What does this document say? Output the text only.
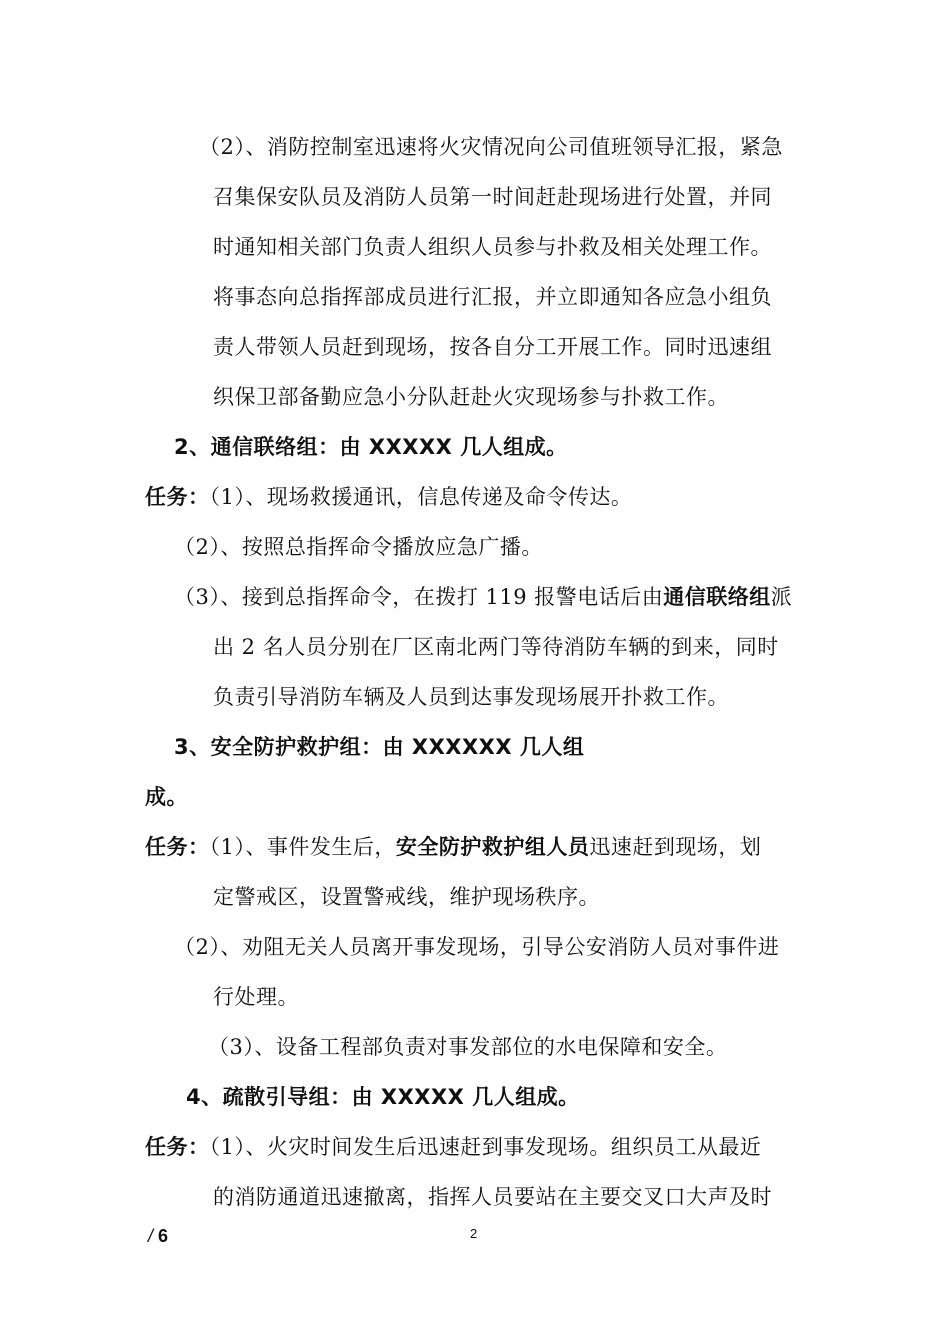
（2）、消防控制室迅速将火灾情况向公司值班领导汇报，紧急
召集保安队员及消防人员第一时间赶赴现场进行处置，并同
时通知相关部门负责人组织人员参与扑救及相关处理工作。
将事态向总指挥部成员进行汇报，并立即通知各应急小组负
责人带领人员赶到现场，按各自分工开展工作。同时迅速组
织保卫部备勤应急小分队赶赴火灾现场参与扑救工作。
2、通信联络组：由 XXXXX 几人组成。
任务：（1）、现场救援通讯，信息传递及命令传达。
（2）、按照总指挥命令播放应急广播。
（3）、接到总指挥命令，在拨打 119 报警电话后由通信联络组派
出 2 名人员分别在厂区南北两门等待消防车辆的到来，同时
负责引导消防车辆及人员到达事发现场展开扑救工作。
3、安全防护救护组：由 XXXXXX 几人组
成。
任务：（1）、事件发生后，安全防护救护组人员迅速赶到现场，划
定警戒区，设置警戒线，维护现场秩序。
（2）、劝阻无关人员离开事发现场，引导公安消防人员对事件进
行处理。
（3）、设备工程部负责对事发部位的水电保障和安全。
4、疏散引导组：由 XXXXX 几人组成。
任务：（1）、火灾时间发生后迅速赶到事发现场。组织员工从最近
的消防通道迅速撤离，指挥人员要站在主要交叉口大声及时
/ 6	2
